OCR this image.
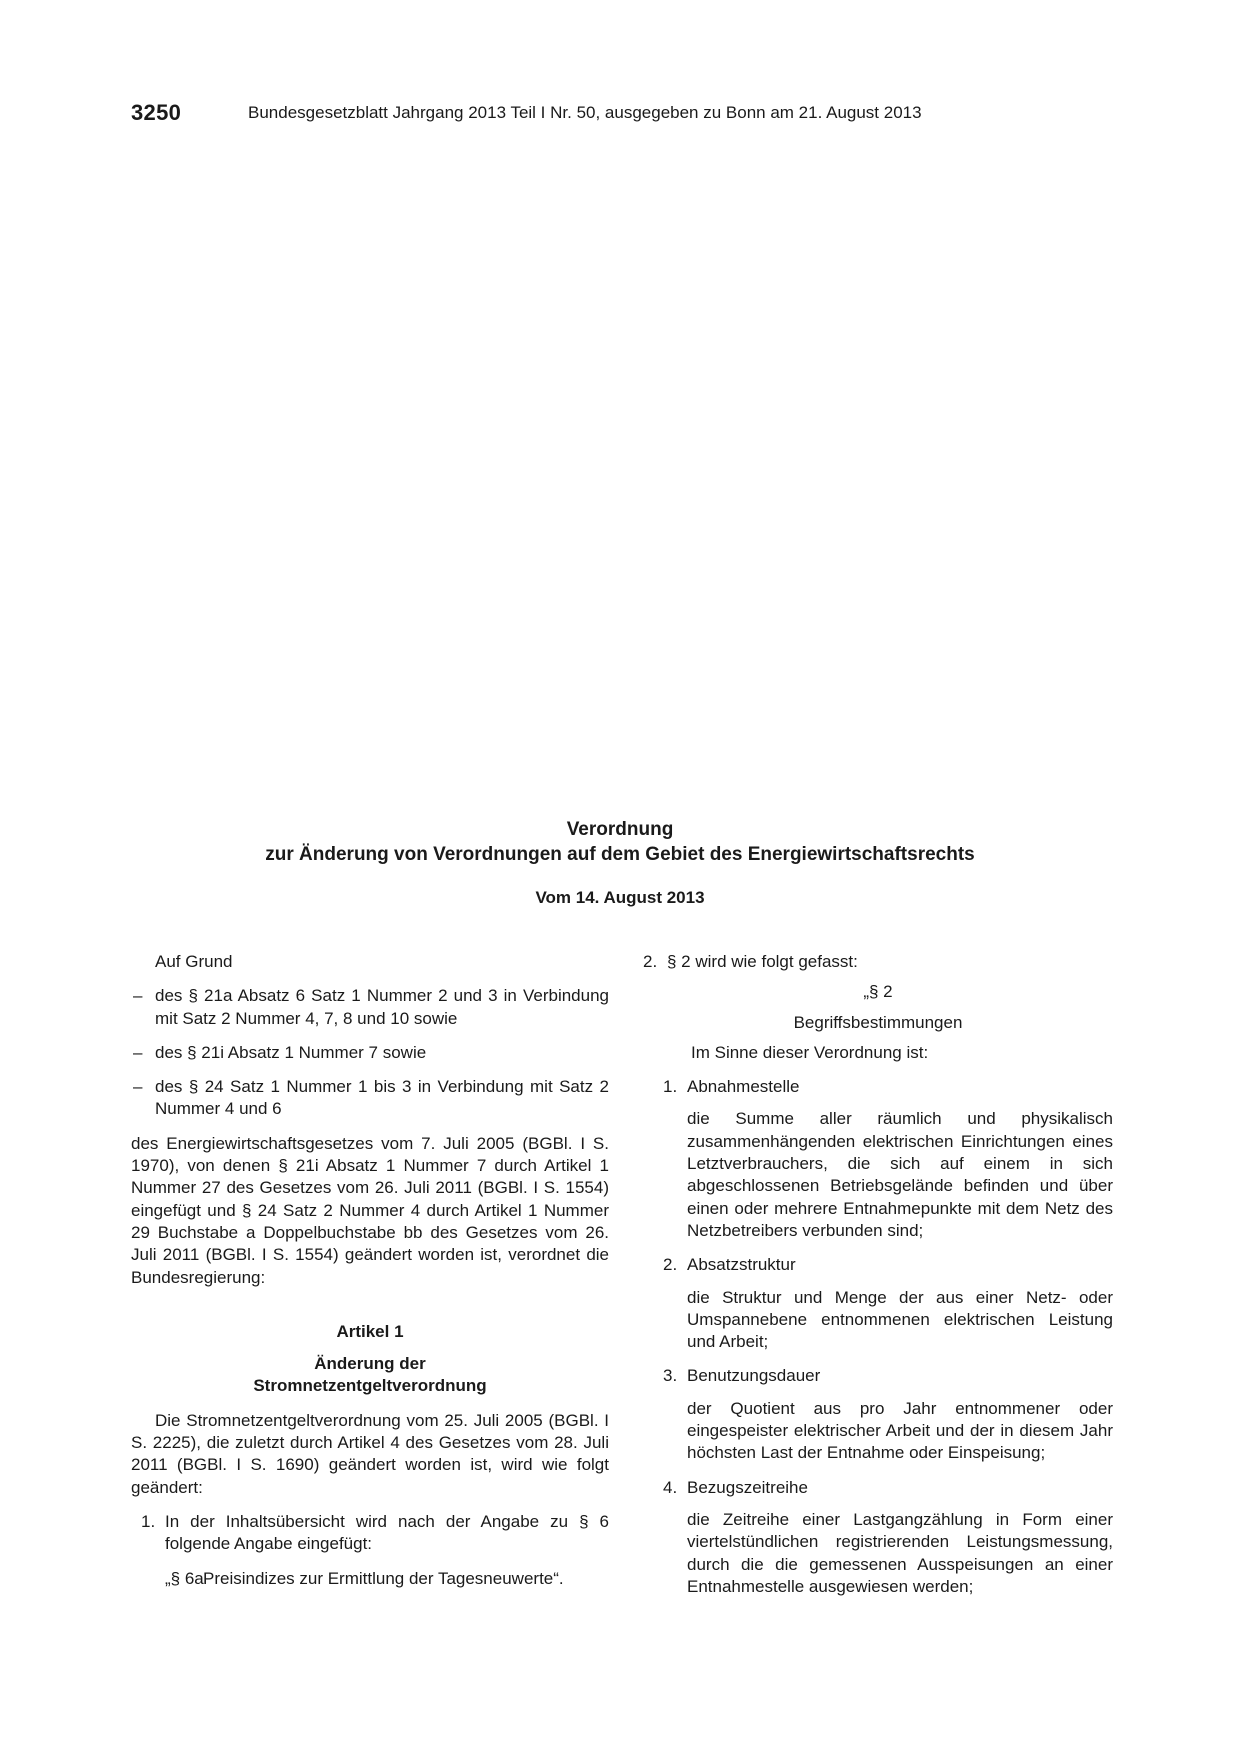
3250	Bundesgesetzblatt Jahrgang 2013 Teil I Nr. 50, ausgegeben zu Bonn am 21. August 2013
Verordnung
zur Änderung von Verordnungen auf dem Gebiet des Energiewirtschaftsrechts
Vom 14. August 2013

Auf Grund

– des § 21a Absatz 6 Satz 1 Nummer 2 und 3 in Verbindung mit Satz 2 Nummer 4, 7, 8 und 10 sowie
– des § 21i Absatz 1 Nummer 7 sowie
– des § 24 Satz 1 Nummer 1 bis 3 in Verbindung mit Satz 2 Nummer 4 und 6

des Energiewirtschaftsgesetzes vom 7. Juli 2005 (BGBl. I S. 1970), von denen § 21i Absatz 1 Nummer 7 durch Artikel 1 Nummer 27 des Gesetzes vom 26. Juli 2011 (BGBl. I S. 1554) eingefügt und § 24 Satz 2 Nummer 4 durch Artikel 1 Nummer 29 Buchstabe a Doppelbuchstabe bb des Gesetzes vom 26. Juli 2011 (BGBl. I S. 1554) geändert worden ist, verordnet die Bundesregierung:

Artikel 1
Änderung der
Stromnetzentgeltverordnung

Die Stromnetzentgeltverordnung vom 25. Juli 2005 (BGBl. I S. 2225), die zuletzt durch Artikel 4 des Gesetzes vom 28. Juli 2011 (BGBl. I S. 1690) geändert worden ist, wird wie folgt geändert:

1. In der Inhaltsübersicht wird nach der Angabe zu § 6 folgende Angabe eingefügt:
„§ 6a Preisindizes zur Ermittlung der Tagesneuwerte“.
2. § 2 wird wie folgt gefasst:
„§ 2
Begriffsbestimmungen
Im Sinne dieser Verordnung ist:
1. Abnahmestelle
die Summe aller räumlich und physikalisch zusammenhängenden elektrischen Einrichtungen eines Letztverbrauchers, die sich auf einem in sich abgeschlossenen Betriebsgelände befinden und über einen oder mehrere Entnahmepunkte mit dem Netz des Netzbetreibers verbunden sind;
2. Absatzstruktur
die Struktur und Menge der aus einer Netz- oder Umspannebene entnommenen elektrischen Leistung und Arbeit;
3. Benutzungsdauer
der Quotient aus pro Jahr entnommener oder eingespeister elektrischer Arbeit und der in diesem Jahr höchsten Last der Entnahme oder Einspeisung;
4. Bezugszeitreihe
die Zeitreihe einer Lastgangzählung in Form einer viertelstündlichen registrierenden Leistungsmessung, durch die die gemessenen Ausspeisungen an einer Entnahmestelle ausgewiesen werden;
